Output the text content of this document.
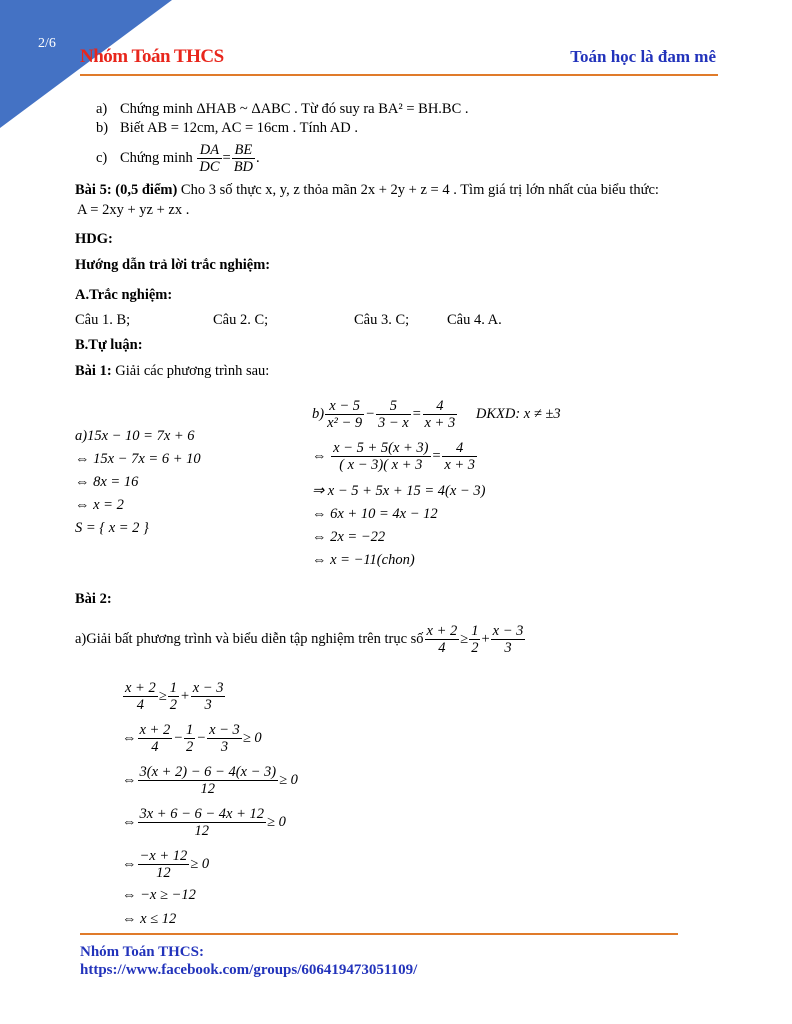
2/6
Nhóm Toán THCS	Toán học là đam mê
a) Chứng minh ΔHAB ~ ΔABC . Từ đó suy ra BA² = BH.BC .
b) Biết AB = 12cm, AC = 16cm . Tính AD .
c) Chứng minh $\frac{DA}{DC} = \frac{BE}{BD}$ .
Bài 5: (0,5 điểm) Cho 3 số thực x, y, z thỏa mãn 2x + 2y + z = 4 . Tìm giá trị lớn nhất của biểu thức:
A = 2xy + yz + zx .
HDG:
Hướng dẫn trả lời trắc nghiệm:
A.Trắc nghiệm:
Câu 1. B;	Câu 2. C;	Câu 3. C;	Câu 4. A.
B.Tự luận:
Bài 1: Giải các phương trình sau:
a)15x − 10 = 7x + 6
⇔ 15x − 7x = 6 + 10
⇔ 8x = 16
⇔ x = 2
S = { x = 2 }
$b) \frac{x - 5}{\text{x² − 9}} - \frac{5}{3 - x} = \frac{4}{x + 3}$ DKXD: x ≠ ±3
⇔ $\frac{x - 5 + 5(x + 3)}{( x - 3)( x + 3} = \frac{4}{x + 3}$
⇒ x − 5 + 5x + 15 = 4(x − 3)
⇔ 6x + 10 = 4x − 12
⇔ 2x = −22
⇔ x = −11(chon)
Bài 2:
a)Giải bất phương trình và biểu diễn tập nghiệm trên trục số $\frac{x + 2}{4} \ge \frac{1}{2} + \frac{x - 3}{3}$
$\frac{x + 2}{4} \ge \frac{1}{2} + \frac{x - 3}{3}$
⇔ $\frac{x + 2}{4} - \frac{1}{2} - \frac{x - 3}{3} \ge 0$
⇔ $\frac{3(x + 2) - 6 - 4(x - 3)}{12} \ge 0$
⇔ $\frac{3x + 6 - 6 - 4x + 12}{12} \ge 0$
⇔ $\frac{-x + 12}{12} \ge 0$
⇔ −x ≥ −12
⇔ x ≤ 12
Nhóm Toán THCS:
https://www.facebook.com/groups/606419473051109/
